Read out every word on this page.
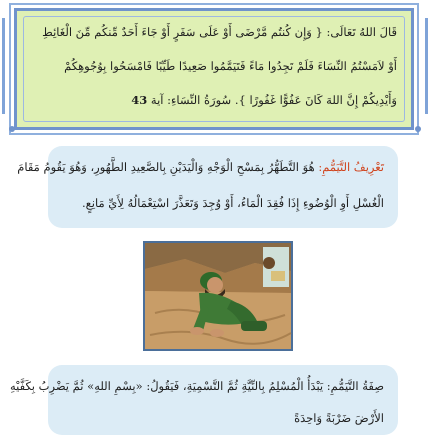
قَالَ اللهُ تَعَالَى: { وَإِن كُنتُم مَّرْضَى أَوْ عَلَى سَفَرٍ أَوْ جَاءَ أَحَدٌ مِّنكُم مِّنَ الْغَائِطِ
أَوْ لاَمَسْتُمُ النِّسَاءَ فَلَمْ تَجِدُوا مَاءً فَتَيَمَّمُوا صَعِيدًا طَيِّبًا فَامْسَحُوا بِوُجُوهِكُمْ
وَأَيْدِيكُمْ إِنَّ اللهَ كَانَ عَفُوًّا غَفُورًا }. سُورَةُ النِّسَاءِ: آية 43
تَعْرِيفُ التَّيَمُّمِ: هُوَ التَّطَهُّرُ بِمَسْحِ الْوَجْهِ وَالْيَدَيْنِ بِالصَّعِيدِ الطَّهُورِ، وَهُوَ يَقُومُ مَقَامَ
الْغُسْلِ أَوِ الْوُضُوءِ إِذَا فُقِدَ الْمَاءُ، أَوْ وُجِدَ وَتَعَذَّرَ اسْتِعْمَالُهُ لِأَيِّ مَانِعٍ.
صِفَةُ التَّيَمُّمِ: يَبْدَأُ الْمُسْلِمُ بِالنِّيَّةِ ثُمَّ التَّسْمِيَةِ، فَيَقُولُ: «بِسْمِ اللهِ» ثُمَّ يَضْرِبُ بِكَفَّيْهِ
الأَرْضَ ضَرْبَةً وَاحِدَةً
